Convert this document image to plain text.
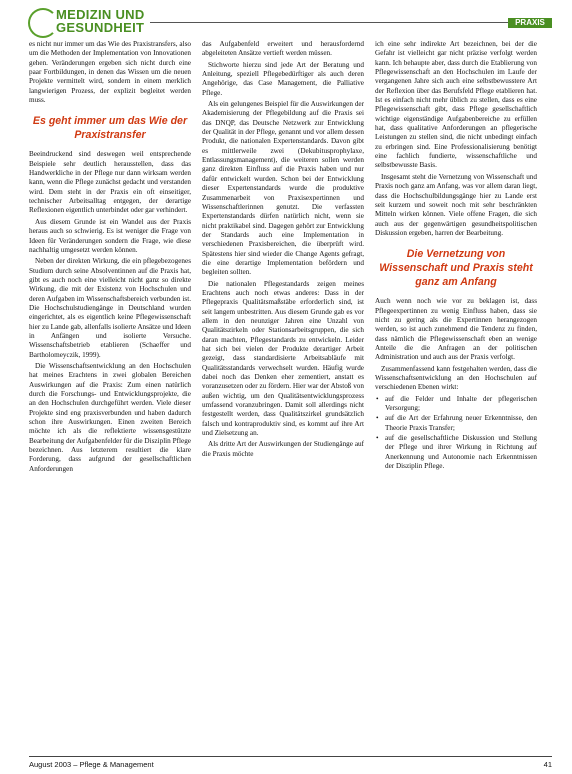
MEDIZIN UND
GESUNDHEIT	PRAXIS

es nicht nur immer um das Wie des Praxistransfers, also um die Methoden der Implementation von Innovationen gehen. Veränderungen ergeben sich nicht durch eine paar Fortbildungen, in denen das Wissen um die neuen Projekte vermittelt wird, sondern in einem merklich langwierigen Prozess, der explizit begleitet werden muss.

Es geht immer um das Wie der Praxistransfer

Beeindruckend sind deswegen weil entsprechende Beispiele sehr deutlich herausstellen, dass das Handwerkliche in der Pflege nur dann wirksam werden kann, wenn die Pflege zunächst gedacht und verstanden wird. Dem steht in der Praxis ein oft einseitiger, technischer Arbeitsalltag entgegen, der derartige Reflexionen eigentlich unterbindet oder gar verhindert.

Aus diesem Grunde ist ein Wandel aus der Praxis heraus auch so schwierig. Es ist weniger die Frage von Ideen für Veränderungen sondern die Frage, wie diese nachhaltig umgesetzt werden können.

Neben der direkten Wirkung, die ein pflegebezogenes Studium durch seine Absolventinnen auf die Praxis hat, gibt es auch noch eine vielleicht nicht ganz so direkte Wirkung, die mit der Existenz von Hochschulen und deren Aufgaben im Wissenschaftsbereich verbunden ist. Die Hochschulstudiengänge in Deutschland wurden eingerichtet, als es eigentlich keine Pflegewissenschaft hier zu Lande gab, allenfalls isolierte Ansätze und Ideen in Anfängen und isolierte Versuche. Wissenschaftsbetrieb etablieren (Schaeffer und Bartholomeyczik, 1999).

Die Wissenschaftsentwicklung an den Hochschulen hat meines Erachtens in zwei globalen Bereichen Auswirkungen auf die Praxis: Zum einen natürlich durch die Forschungs- und Entwicklungsprojekte, die an den Hochschulen durchgeführt werden. Viele dieser Projekte sind eng praxisverbunden und haben dadurch schon ihre Auswirkungen. Einen zweiten Bereich möchte ich als die reflektierte wissensgestützte Bearbeitung der Aufgabenfelder für die Disziplin Pflege bezeichnen. Aus letzterem resultiert die klare Forderung, dass aufgrund der gesellschaftlichen Anforderungen

das Aufgabenfeld erweitert und herausfordernd abgeleiteten Ansätze vertieft werden müssen.

Stichworte hierzu sind jede Art der Beratung und Anleitung, speziell Pflegebedürftiger als auch deren Angehörige, das Case Management, die Palliative Pflege.

Als ein gelungenes Beispiel für die Auswirkungen der Akademisierung der Pflegebildung auf die Praxis sei das DNQP, das Deutsche Netzwerk zur Entwicklung der Qualität in der Pflege, genannt und vor allem dessen Produkt, die nationalen Expertenstandards. Davon gibt es mittlerweile zwei (Dekubitusprophylaxe, Entlassungsmanagement), die weiteren sollen werden ganz direkten Einfluss auf die Praxis haben und nur dafür entwickelt wurden. Schon bei der Entwicklung dieser Expertenstandards wurde die produktive Zusammenarbeit von Praxisexpertinnen und Wissenschaftlerinnen genutzt. Die verfassten Expertenstandards dürfen natürlich nicht, wenn sie nicht praktikabel sind. Dagegen gehört zur Entwicklung der Standards auch eine Implementation in verschiedenen Praxisbereichen, die überprüft wird. Spätestens hier sind wieder die Change Agents gefragt, die eine derartige Implementation befördern und begleiten sollten.

Die nationalen Pflegestandards zeigen meines Erachtens auch noch etwas anderes: Dass in der Pflegepraxis Qualitätsmaßstäbe erforderlich sind, ist seit langem unbestritten. Aus diesem Grunde gab es vor allem in den neunziger Jahren eine Unzahl von Qualitätszirkeln oder Stationsarbeitsgruppen, die sich daran machten, Pflegestandards zu entwickeln. Leider hat sich bei vielen der Produkte derartiger Arbeit gezeigt, dass standardisierte Arbeitsabläufe mit Qualitätsstandards verwechselt wurden. Häufig wurde dabei noch das Denken eher zementiert, anstatt es voranzusetzen oder zu fördern. Hier war der Abstoß von außen wichtig, um den Qualitätsentwicklungsprozess umfassend voranzubringen. Damit soll allerdings nicht festgestellt werden, dass Qualitätszirkel grundsätzlich falsch und kontraproduktiv sind, es kommt auf ihre Art und Zielsetzung an.

Als dritte Art der Auswirkungen der Studiengänge auf die Praxis möchte

ich eine sehr indirekte Art bezeichnen, bei der die Gefahr ist vielleicht gar nicht präzise verfolgt werden kann. Ich behaupte aber, dass durch die Etablierung von Pflegewissenschaft an den Hochschulen im Laufe der vergangenen Jahre sich auch eine selbstbewusstere Art der Reflexion über das Berufsfeld Pflege etablieren hat. Ist es einfach nicht mehr üblich zu stellen, dass es eine Pflegewissenschaft gibt, dass Pflege gesellschaftlich wichtige eigenständige Aufgabenbereiche zu erfüllen hat, dass qualitative Anforderungen an pflegerische Leistungen zu stellen sind, die nicht unbedingt einfach zu erbringen sind. Eine Professionalisierung benötigt eine fachlich fundierte, wissenschaftliche und selbstbewusste Basis.

Insgesamt steht die Vernetzung von Wissenschaft und Praxis noch ganz am Anfang, was vor allem daran liegt, dass die Hochschulbildungsgänge hier zu Lande erst seit kurzem und soweit noch mit sehr beschränkten Mitteln wirken können. Viele offene Fragen, die sich auch aus der gegenwärtigen gesundheitspolitischen Diskussion ergeben, harren der Bearbeitung.

Die Vernetzung von Wissenschaft und Praxis steht ganz am Anfang

Auch wenn noch wie vor zu beklagen ist, dass Pflegeexpertinnen zu wenig Einfluss haben, dass sie nicht zu gering als die Expertinnen herangezogen werden, so ist auch zunehmend die Tendenz zu finden, dass nämlich die Pflegewissenschaft eben an wenige Anteile die die Anfragen an der politischen Administration und auch aus der Praxis verfolgt.

Zusammenfassend kann festgehalten werden, dass die Wissenschaftsentwicklung an den Hochschulen auf verschiedenen Ebenen wirkt:

• auf die Felder und Inhalte der pflegerischen Versorgung;
• auf die Art der Erfahrung neuer Erkenntnisse, den Theorie Praxis Transfer;
• auf die gesellschaftliche Diskussion und Stellung der Pflege und ihrer Wirkung in Richtung auf Anerkennung und Autonomie nach Erkenntnissen der Disziplin Pflege.
August 2003 – Pflege & Management	41
